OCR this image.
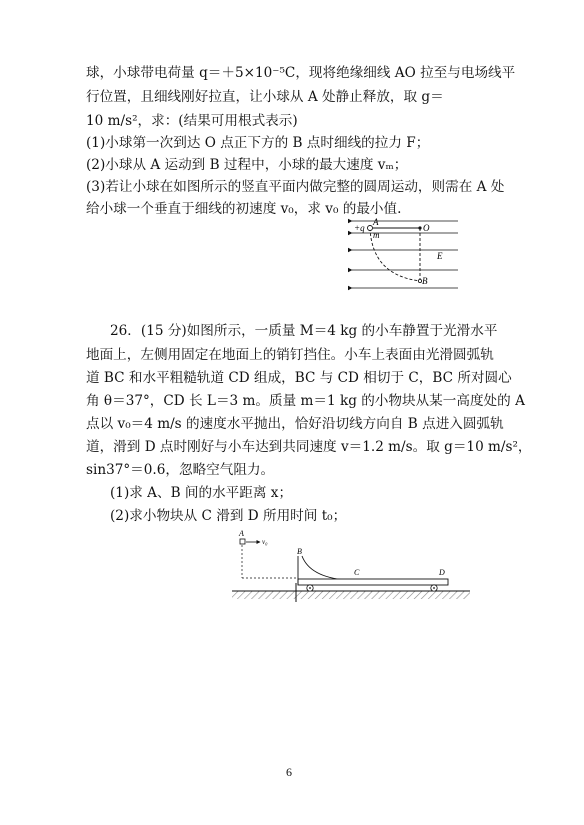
球，小球带电荷量 q＝＋5×10⁻⁵C，现将绝缘细线 AO 拉至与电场线平
行位置，且细线刚好拉直，让小球从 A 处静止释放，取 g＝
10 m/s²，求：(结果可用根式表示)
(1)小球第一次到达 O 点正下方的 B 点时细线的拉力 F；
(2)小球从 A 运动到 B 过程中，小球的最大速度 vₘ；
(3)若让小球在如图所示的竖直平面内做完整的圆周运动，则需在 A 处
给小球一个垂直于细线的初速度 v₀，求 v₀ 的最小值.
+q
A
m
O
E
B
26．(15 分)如图所示，一质量 M＝4 kg 的小车静置于光滑水平
地面上，左侧用固定在地面上的销钉挡住。小车上表面由光滑圆弧轨
道 BC 和水平粗糙轨道 CD 组成，BC 与 CD 相切于 C，BC 所对圆心
角 θ＝37°，CD 长 L＝3 m。质量 m＝1 kg 的小物块从某一高度处的 A
点以 v₀＝4 m/s 的速度水平抛出，恰好沿切线方向自 B 点进入圆弧轨
道，滑到 D 点时刚好与小车达到共同速度 v＝1.2 m/s。取 g＝10 m/s²，
sin37°＝0.6，忽略空气阻力。
(1)求 A、B 间的水平距离 x；
(2)求小物块从 C 滑到 D 所用时间 t₀；
A
v₀
B
C	D
6
